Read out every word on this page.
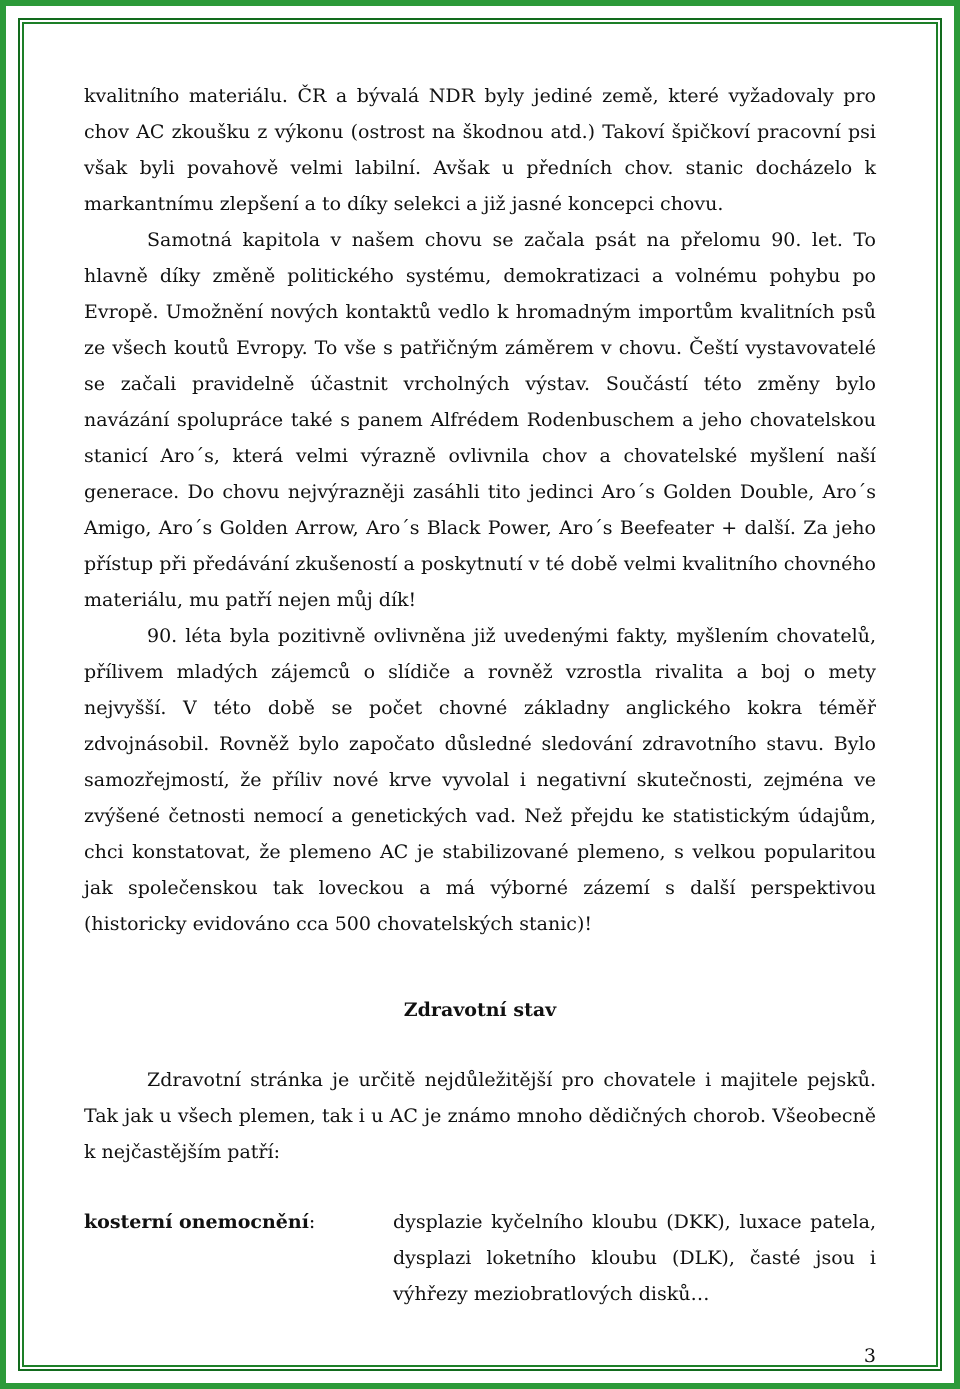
kvalitního materiálu. ČR a bývalá NDR byly jediné země, které vyžadovaly pro chov AC zkoušku z výkonu (ostrost na škodnou atd.) Takoví špičkoví pracovní psi však byli povahově velmi labilní. Avšak u předních chov. stanic docházelo k markantnímu zlepšení a to díky selekci a již jasné koncepci chovu.

Samotná kapitola v našem chovu se začala psát na přelomu 90. let. To hlavně díky změně politického systému, demokratizaci a volnému pohybu po Evropě. Umožnění nových kontaktů vedlo k hromadným importům kvalitních psů ze všech koutů Evropy. To vše s patřičným záměrem v chovu. Čeští vystavovatelé se začali pravidelně účastnit vrcholných výstav. Součástí této změny bylo navázání spolupráce také s panem Alfrédem Rodenbuschem a jeho chovatelskou stanicí Aro´s, která velmi výrazně ovlivnila chov a chovatelské myšlení naší generace. Do chovu nejvýrazněji zasáhli tito jedinci Aro´s Golden Double, Aro´s Amigo, Aro´s Golden Arrow, Aro´s Black Power, Aro´s Beefeater + další. Za jeho přístup při předávání zkušeností a poskytnutí v té době velmi kvalitního chovného materiálu, mu patří nejen můj dík!

90. léta byla pozitivně ovlivněna již uvedenými fakty, myšlením chovatelů, přílivem mladých zájemců o slídiče a rovněž vzrostla rivalita a boj o mety nejvyšší. V této době se počet chovné základny anglického kokra téměř zdvojnásobil. Rovněž bylo započato důsledné sledování zdravotního stavu. Bylo samozřejmostí, že příliv nové krve vyvolal i negativní skutečnosti, zejména ve zvýšené četnosti nemocí a genetických vad. Než přejdu ke statistickým údajům, chci konstatovat, že plemeno AC je stabilizované plemeno, s velkou popularitou jak společenskou tak loveckou a má výborné zázemí s další perspektivou (historicky evidováno cca 500 chovatelských stanic)!

Zdravotní stav

Zdravotní stránka je určitě nejdůležitější pro chovatele i majitele pejsků. Tak jak u všech plemen, tak i u AC je známo mnoho dědičných chorob. Všeobecně k nejčastějším patří:

kosterní onemocnění:	dysplazie kyčelního kloubu (DKK), luxace patela, dysplazi loketního kloubu (DLK), časté jsou i výhřezy meziobratlových disků…
3
